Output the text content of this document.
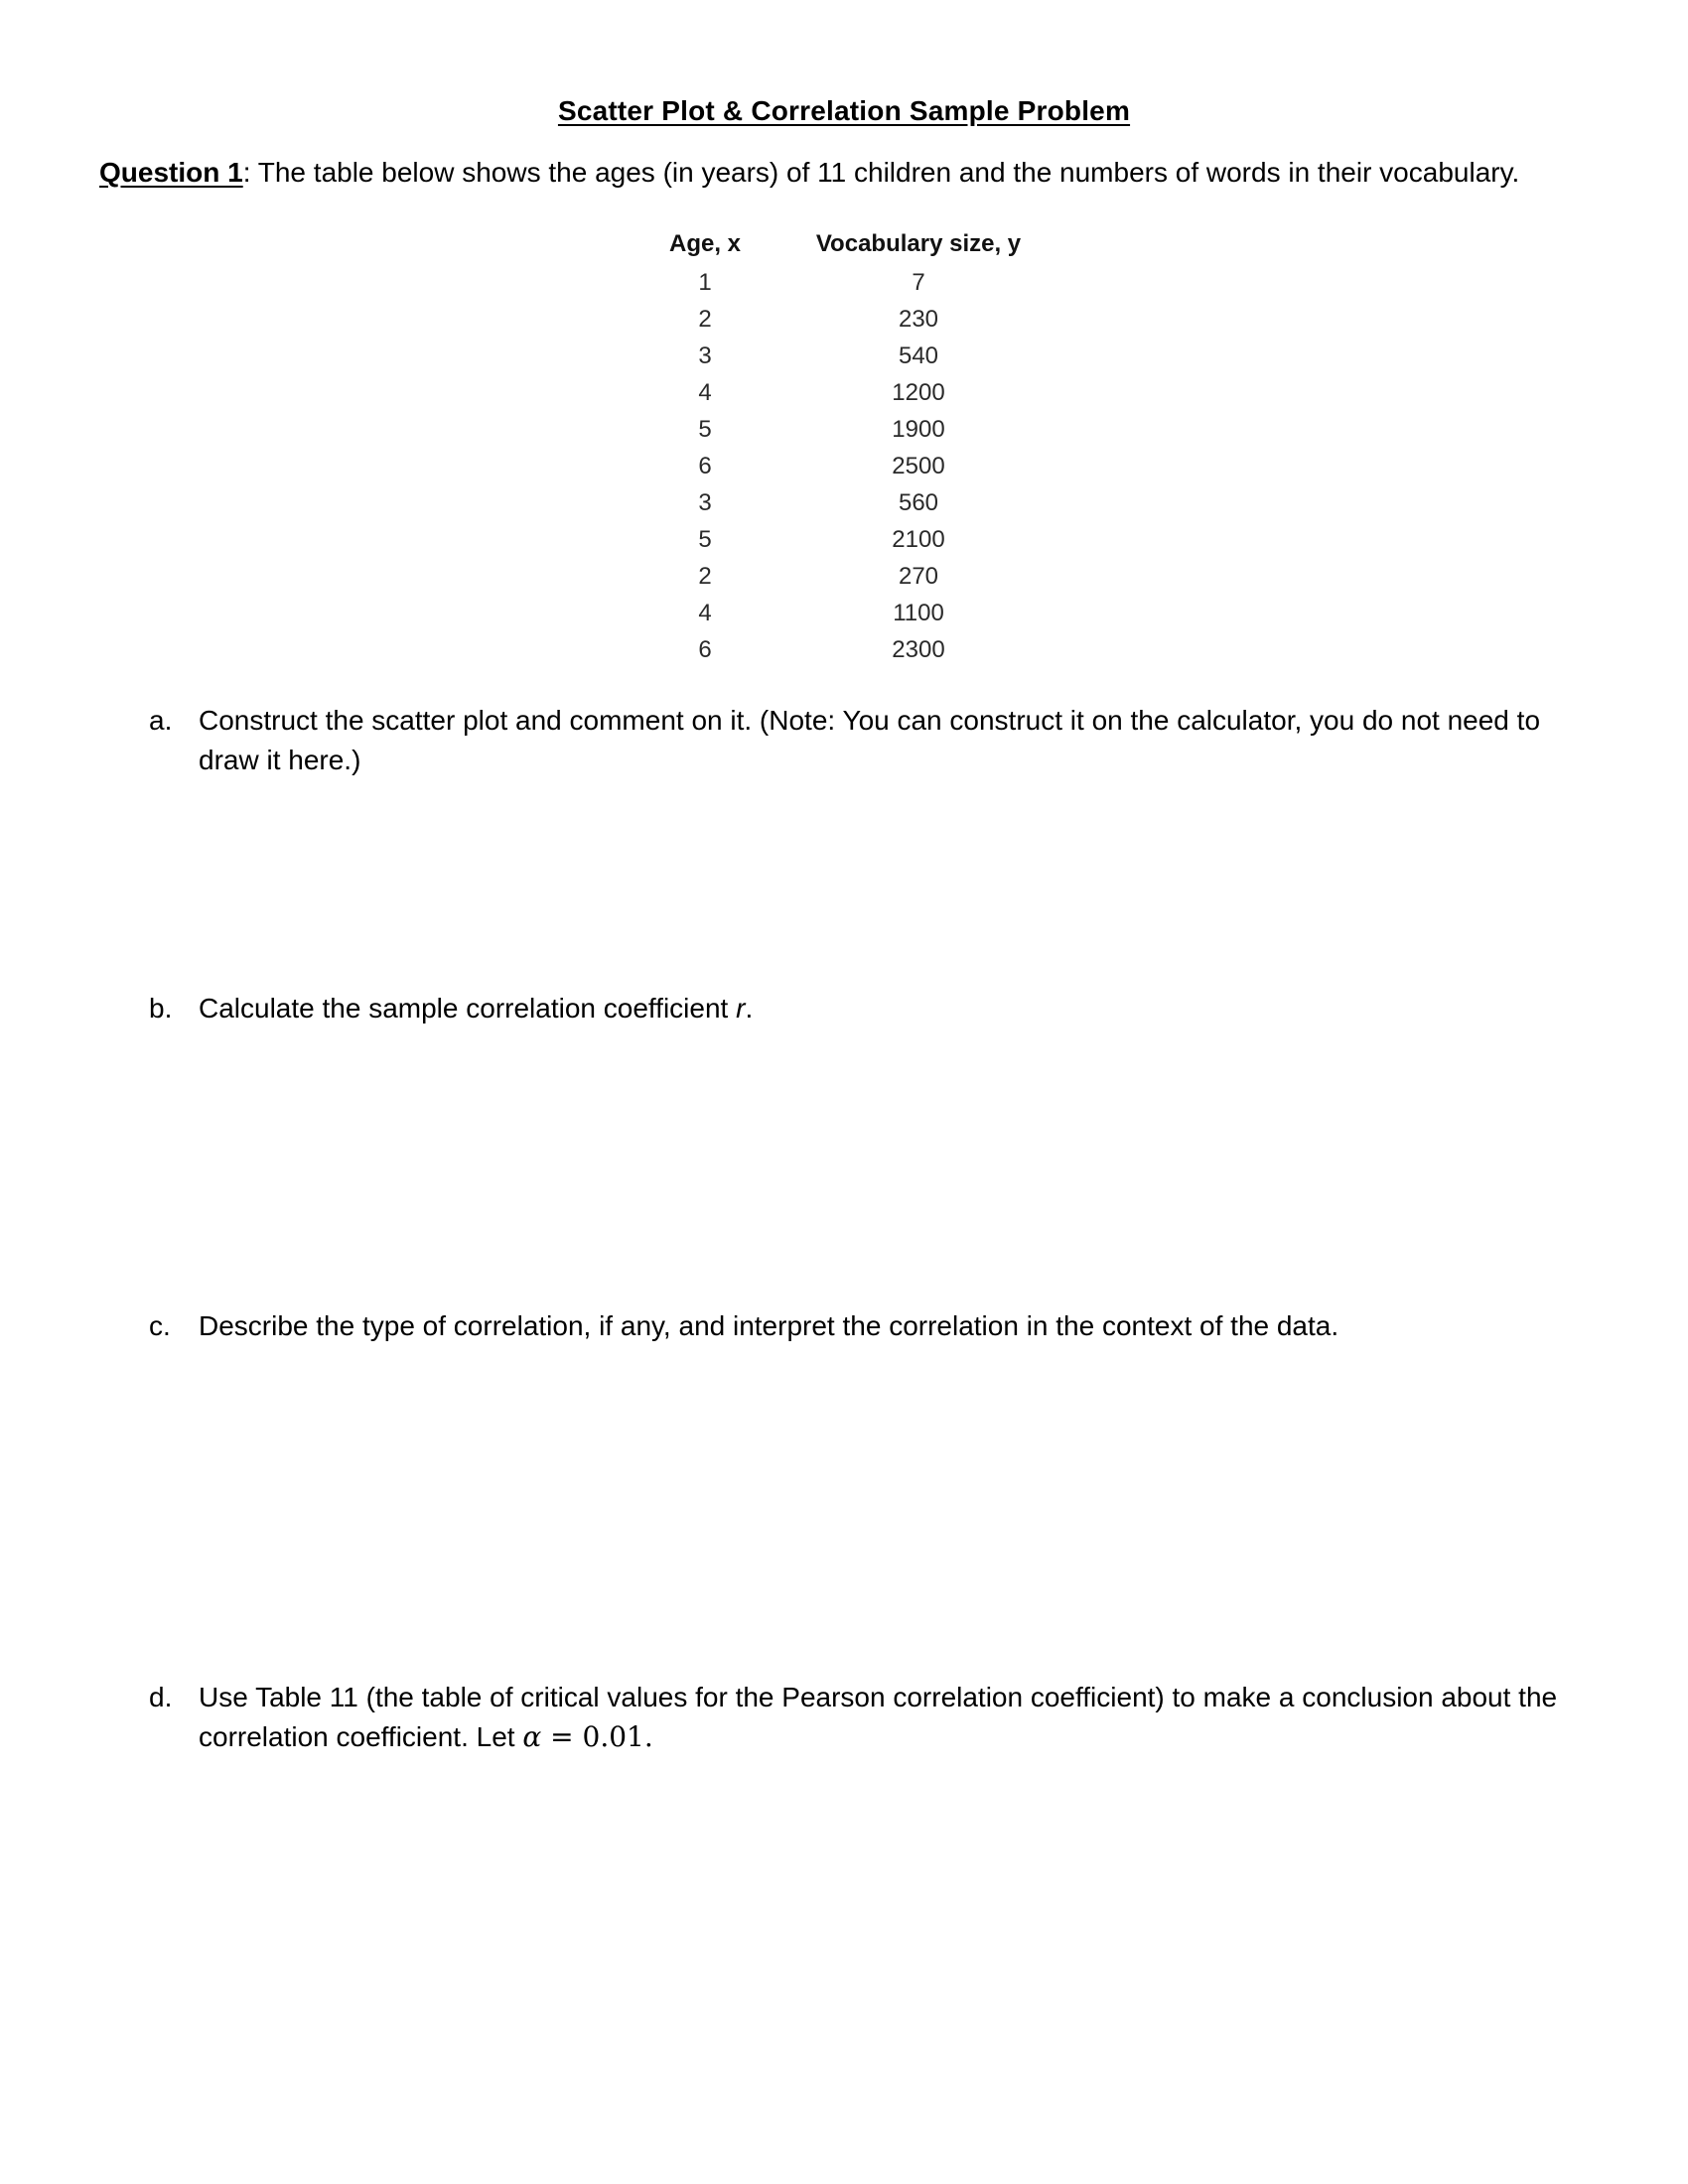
Scatter Plot & Correlation Sample Problem
Question 1: The table below shows the ages (in years) of 11 children and the numbers of words in their vocabulary.
Age, x	Vocabulary size, y
1	7
2	230
3	540
4	1200
5	1900
6	2500
3	560
5	2100
2	270
4	1100
6	2300
a. Construct the scatter plot and comment on it. (Note: You can construct it on the calculator, you do not need to draw it here.)
b. Calculate the sample correlation coefficient r.
c.	Describe the type of correlation, if any, and interpret the correlation in the context of the data.
d. Use Table 11 (the table of critical values for the Pearson correlation coefficient) to make a conclusion about the correlation coefficient. Let α = 0.01.
